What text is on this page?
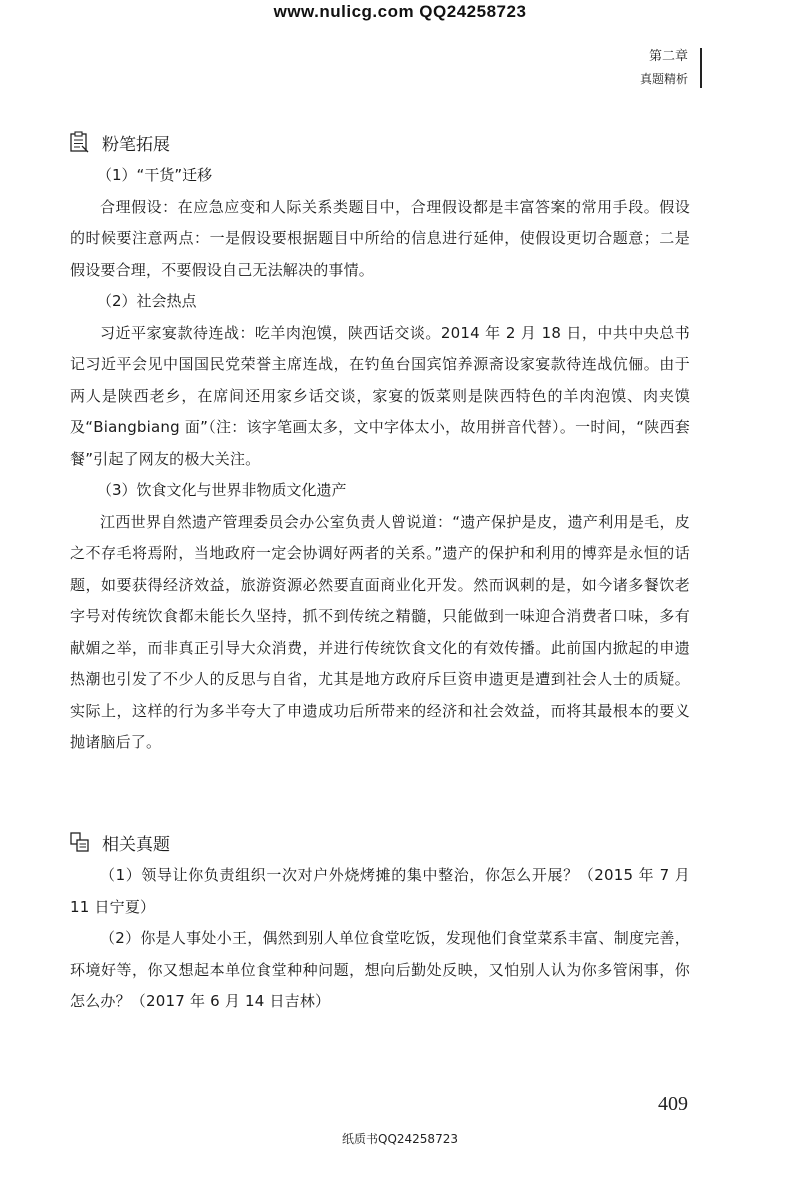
www.nulicg.com QQ24258723
第二章
真题精析
粉笔拓展

（1）“干货”迁移

合理假设：在应急应变和人际关系类题目中，合理假设都是丰富答案的常用手段。假设的时候要注意两点：一是假设要根据题目中所给的信息进行延伸，使假设更切合题意；二是假设要合理，不要假设自己无法解决的事情。

（2）社会热点

习近平家宴款待连战：吃羊肉泡馍，陕西话交谈。2014 年 2 月 18 日，中共中央总书记习近平会见中国国民党荣誉主席连战，在钓鱼台国宾馆养源斋设家宴款待连战伉俪。由于两人是陕西老乡，在席间还用家乡话交谈，家宴的饭菜则是陕西特色的羊肉泡馍、肉夹馍及“Biangbiang 面”（注：该字笔画太多，文中字体太小，故用拼音代替）。一时间，“陕西套餐”引起了网友的极大关注。

（3）饮食文化与世界非物质文化遗产

江西世界自然遗产管理委员会办公室负责人曾说道：“遗产保护是皮，遗产利用是毛，皮之不存毛将焉附，当地政府一定会协调好两者的关系。”遗产的保护和利用的博弈是永恒的话题，如要获得经济效益，旅游资源必然要直面商业化开发。然而讽刺的是，如今诸多餐饮老字号对传统饮食都未能长久坚持，抓不到传统之精髓，只能做到一味迎合消费者口味，多有献媚之举，而非真正引导大众消费，并进行传统饮食文化的有效传播。此前国内掀起的申遗热潮也引发了不少人的反思与自省，尤其是地方政府斥巨资申遗更是遭到社会人士的质疑。实际上，这样的行为多半夸大了申遗成功后所带来的经济和社会效益，而将其最根本的要义抛诸脑后了。

相关真题

（1）领导让你负责组织一次对户外烧烤摊的集中整治，你怎么开展？（2015 年 7 月 11 日宁夏）

（2）你是人事处小王，偶然到别人单位食堂吃饭，发现他们食堂菜系丰富、制度完善，环境好等，你又想起本单位食堂种种问题，想向后勤处反映，又怕别人认为你多管闲事，你怎么办？（2017 年 6 月 14 日吉林）

409
纸质书QQ24258723
